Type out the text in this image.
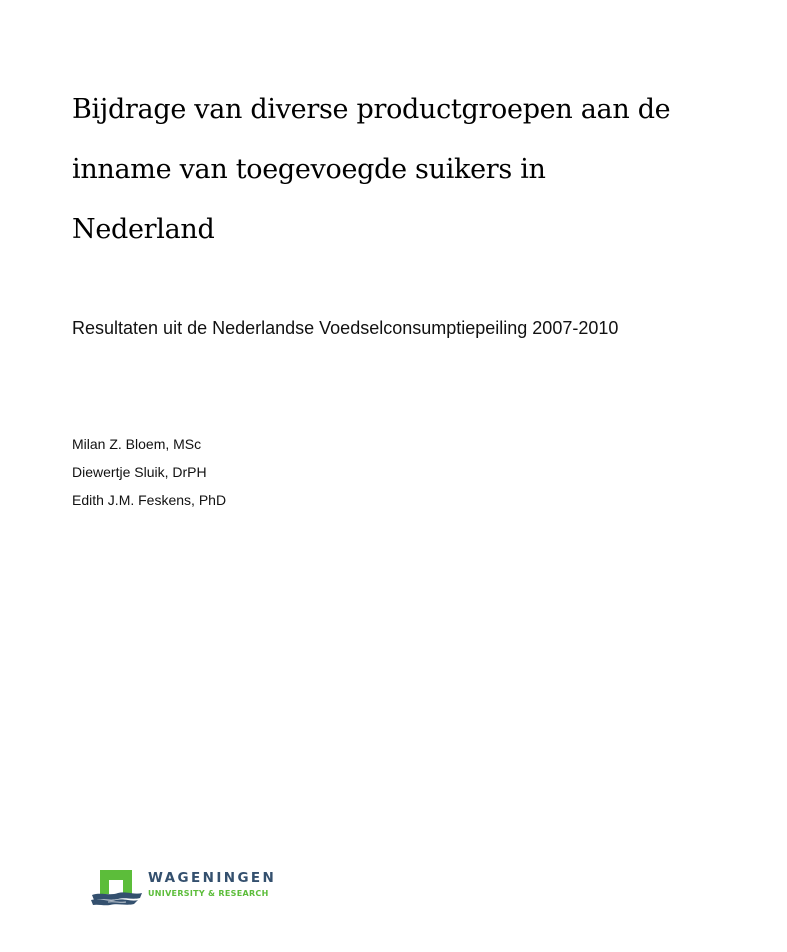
Bijdrage van diverse productgroepen aan de
inname van toegevoegde suikers in
Nederland

Resultaten uit de Nederlandse Voedselconsumptiepeiling 2007-2010

Milan Z. Bloem, MSc
Diewertje Sluik, DrPH
Edith J.M. Feskens, PhD
WAGENINGEN
UNIVERSITY & RESEARCH
